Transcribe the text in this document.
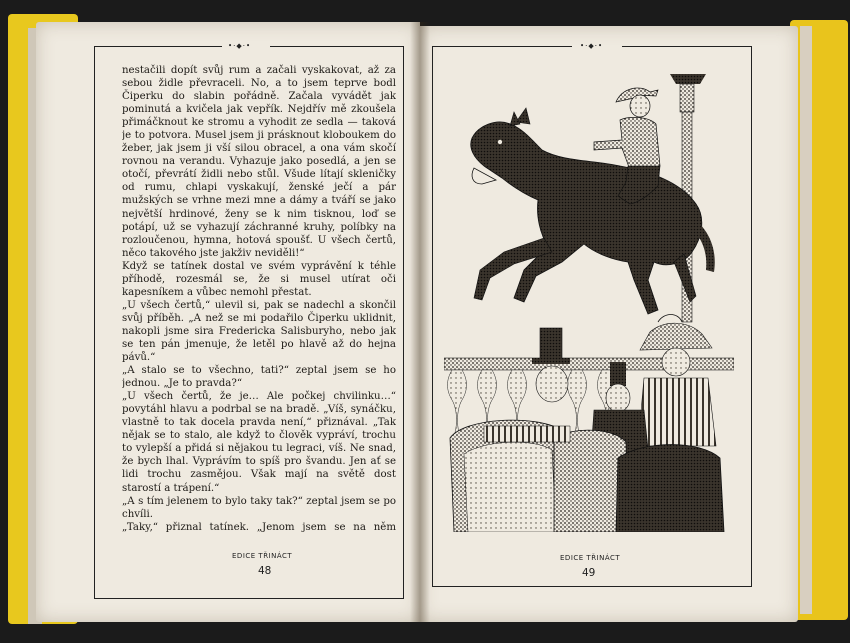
•·◆·•

nestačili dopít svůj rum a začali vyskakovat, až za sebou židle převraceli. No, a to jsem teprve bodl Čiperku do slabin pořádně. Začala vyvádět jak pominutá a kvičela jak vepřík. Nejdřív mě zkoušela přimáčknout ke stromu a vyhodit ze sedla — taková je to potvora. Musel jsem ji prásknout kloboukem do žeber, jak jsem ji vší silou obracel, a ona vám skočí rovnou na verandu. Vyhazuje jako posedlá, a jen se otočí, převrátí židli nebo stůl. Všude lítají skleničky od rumu, chlapi vyskakují, ženské ječí a pár mužských se vrhne mezi mne a dámy a tváří se jako největší hrdinové, ženy se k nim tisknou, loď se potápí, už se vyhazují záchranné kruhy, políbky na rozloučenou, hymna, hotová spoušť. U všech čertů, něco takového jste jakživ neviděli!“

Když se tatínek dostal ve svém vyprávění k téhle příhodě, rozesmál se, že si musel utírat oči kapesníkem a vůbec nemohl přestat.

„U všech čertů,“ ulevil si, pak se nadechl a skončil svůj příběh. „A než se mi podařilo Čiperku uklidnit, nakopli jsme sira Fredericka Salisburyho, nebo jak se ten pán jmenuje, že letěl po hlavě až do hejna pávů.“

„A stalo se to všechno, tati?“ zeptal jsem se ho jednou. „Je to pravda?“

„U všech čertů, že je… Ale počkej chvilinku…“ povytáhl hlavu a podrbal se na bradě. „Víš, synáčku, vlastně to tak docela pravda není,“ přiznával. „Tak nějak se to stalo, ale když to člověk vypráví, trochu to vylepší a přidá si nějakou tu legraci, víš. Ne snad, že bych lhal. Vyprávím to spíš pro švandu. Jen ať se lidi trochu zasmějou. Však mají na světě dost starostí a trápení.“

„A s tím jelenem to bylo taky tak?“ zeptal jsem se po chvíli.

„Taky,“ přiznal tatínek. „Jenom jsem se na něm

EDICE TŘINÁCT
48
•·◆·•
EDICE TŘINÁCT
49
